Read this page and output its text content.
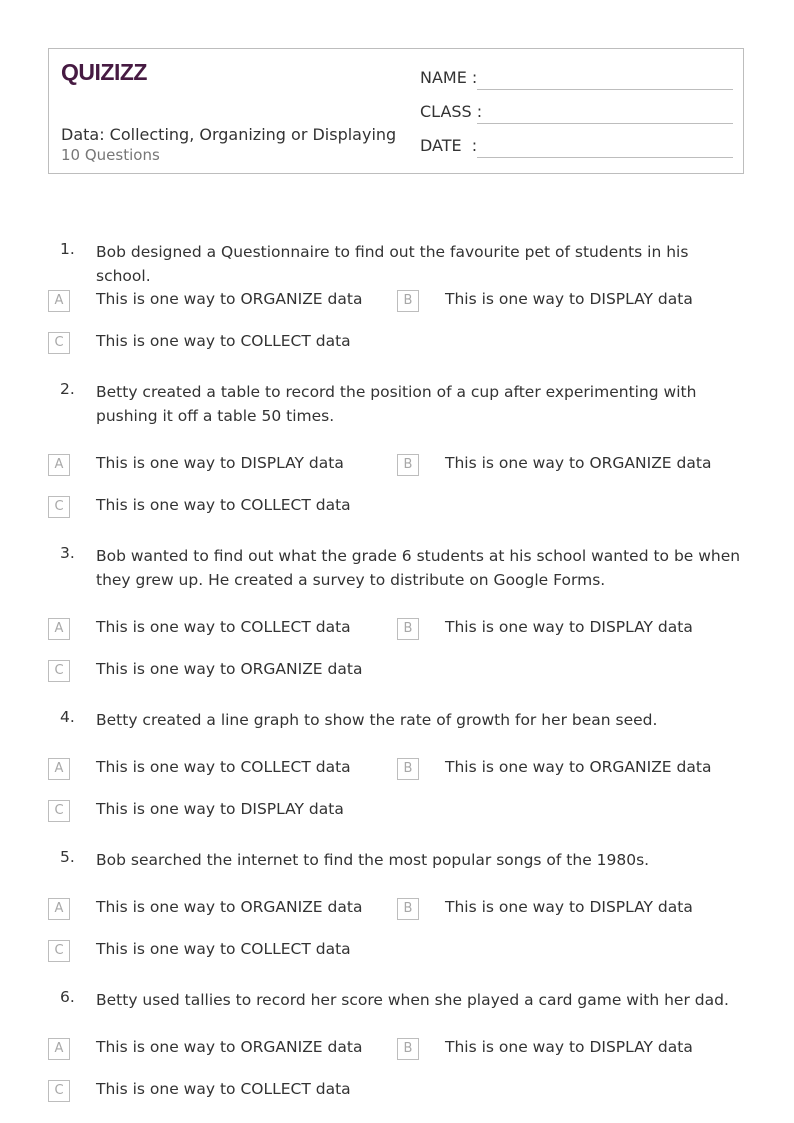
QUIZIZZ
Data: Collecting, Organizing or Displaying
10 Questions
NAME :
CLASS :
DATE  :
1. Bob designed a Questionnaire to find out the favourite pet of students in his school.
A	This is one way to ORGANIZE data	B	This is one way to DISPLAY data
C	This is one way to COLLECT data
2. Betty created a table to record the position of a cup after experimenting with pushing it off a table 50 times.
A	This is one way to DISPLAY data	B	This is one way to ORGANIZE data
C	This is one way to COLLECT data
3. Bob wanted to find out what the grade 6 students at his school wanted to be when they grew up. He created a survey to distribute on Google Forms.
A	This is one way to COLLECT data	B	This is one way to DISPLAY data
C	This is one way to ORGANIZE data
4. Betty created a line graph to show the rate of growth for her bean seed.
A	This is one way to COLLECT data	B	This is one way to ORGANIZE data
C	This is one way to DISPLAY data
5. Bob searched the internet to find the most popular songs of the 1980s.
A	This is one way to ORGANIZE data	B	This is one way to DISPLAY data
C	This is one way to COLLECT data
6. Betty used tallies to record her score when she played a card game with her dad.
A	This is one way to ORGANIZE data	B	This is one way to DISPLAY data
C	This is one way to COLLECT data
